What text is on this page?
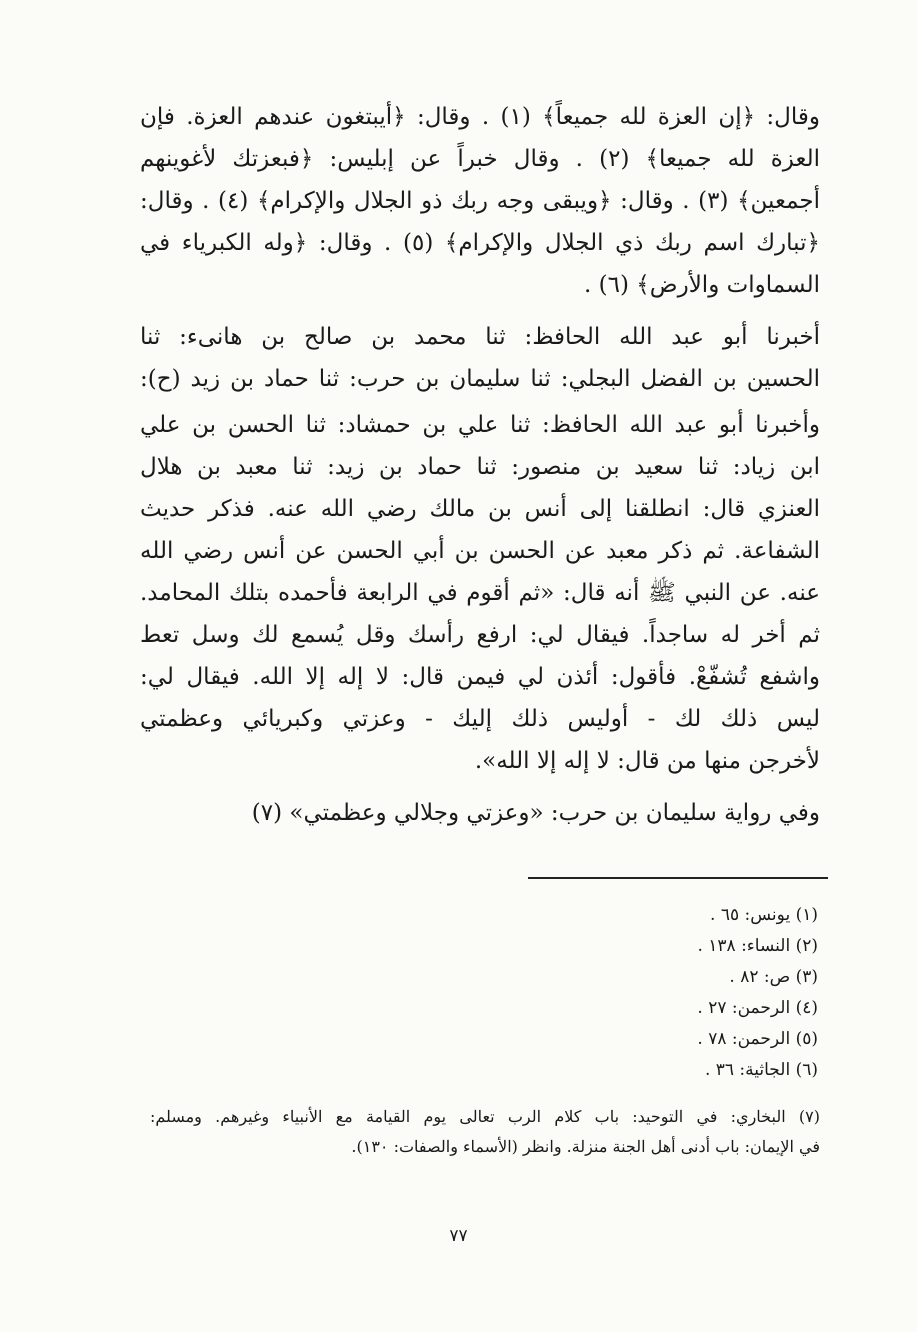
وقال: ﴿إن العزة لله جميعاً﴾ (١) . وقال: ﴿أيبتغون عندهم العزة. فإن
العزة لله جميعا﴾ (٢) . وقال خبراً عن إبليس: ﴿فبعزتك لأغوينهم
أجمعين﴾ (٣) . وقال: ﴿ويبقى وجه ربك ذو الجلال والإكرام﴾ (٤) . وقال:
﴿تبارك اسم ربك ذي الجلال والإكرام﴾ (٥) . وقال: ﴿وله الكبرياء في
السماوات والأرض﴾ (٦) .
أخبرنا أبو عبد الله الحافظ: ثنا محمد بن صالح بن هانىء: ثنا
الحسين بن الفضل البجلي: ثنا سليمان بن حرب: ثنا حماد بن زيد (ح):
وأخبرنا أبو عبد الله الحافظ: ثنا علي بن حمشاد: ثنا الحسن بن علي
ابن زياد: ثنا سعيد بن منصور: ثنا حماد بن زيد: ثنا معبد بن هلال
العنزي قال: انطلقنا إلى أنس بن مالك رضي الله عنه. فذكر حديث
الشفاعة. ثم ذكر معبد عن الحسن بن أبي الحسن عن أنس رضي الله
عنه. عن النبي ﷺ أنه قال: «ثم أقوم في الرابعة فأحمده بتلك المحامد.
ثم أخر له ساجداً. فيقال لي: ارفع رأسك وقل يُسمع لك وسل تعط
واشفع تُشفّعْ. فأقول: أئذن لي فيمن قال: لا إله إلا الله. فيقال لي:
ليس ذلك لك - أوليس ذلك إليك - وعزتي وكبريائي وعظمتي
لأخرجن منها من قال: لا إله إلا الله».
وفي رواية سليمان بن حرب: «وعزتي وجلالي وعظمتي» (٧)
(١) يونس: ٦٥ .
(٢) النساء: ١٣٨ .
(٣) ص: ٨٢ .
(٤) الرحمن: ٢٧ .
(٥) الرحمن: ٧٨ .
(٦) الجاثية: ٣٦ .
(٧) البخاري: في التوحيد: باب كلام الرب تعالى يوم القيامة مع الأنبياء وغيرهم. ومسلم:
في الإيمان: باب أدنى أهل الجنة منزلة. وانظر (الأسماء والصفات: ١٣٠).
٧٧
